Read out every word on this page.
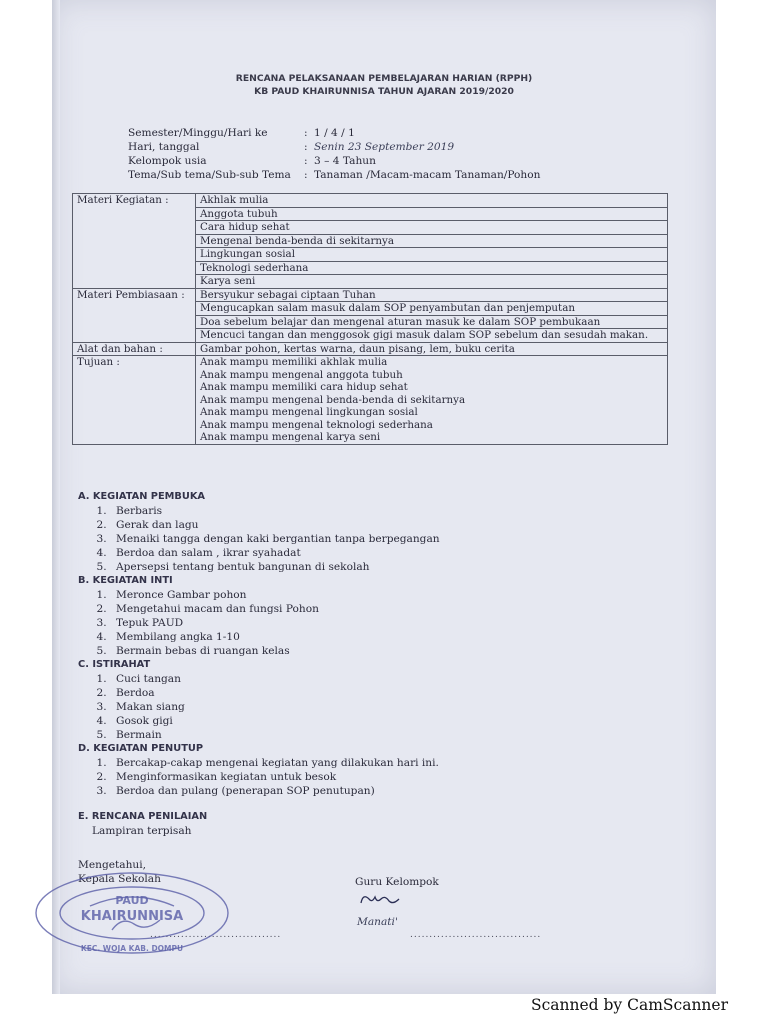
RENCANA PELAKSANAAN PEMBELAJARAN HARIAN (RPPH)
KB PAUD KHAIRUNNISA TAHUN AJARAN 2019/2020
Semester/Minggu/Hari ke	: 1 / 4 / 1
Hari, tanggal	: Senin 23 September 2019
Kelompok usia	: 3 – 4 Tahun
Tema/Sub tema/Sub-sub Tema : Tanaman /Macam-macam Tanaman/Pohon
Materi Kegiatan :	Akhlak mulia
	Anggota tubuh
	Cara hidup sehat
	Mengenal benda-benda di sekitarnya
	Lingkungan sosial
	Teknologi sederhana
	Karya seni
Materi Pembiasaan :	Bersyukur sebagai ciptaan Tuhan
	Mengucapkan salam masuk dalam SOP penyambutan dan penjemputan
	Doa sebelum belajar dan mengenal aturan masuk ke dalam SOP pembukaan
	Mencuci tangan dan menggosok gigi masuk dalam SOP sebelum dan sesudah makan.
Alat dan bahan :	Gambar pohon, kertas warna, daun pisang, lem, buku cerita
Tujuan :	Anak mampu memiliki akhlak mulia
	Anak mampu mengenal anggota tubuh
	Anak mampu memiliki cara hidup sehat
	Anak mampu mengenal benda-benda di sekitarnya
	Anak mampu mengenal lingkungan sosial
	Anak mampu mengenal teknologi sederhana
	Anak mampu mengenal karya seni
A. KEGIATAN PEMBUKA
1. Berbaris
2. Gerak dan lagu
3. Menaiki tangga dengan kaki bergantian tanpa berpegangan
4. Berdoa dan salam , ikrar syahadat
5. Apersepsi tentang bentuk bangunan di sekolah
B. KEGIATAN INTI
1. Meronce Gambar pohon
2. Mengetahui macam dan fungsi Pohon
3. Tepuk PAUD
4. Membilang angka 1-10
5. Bermain bebas di ruangan kelas
C. ISTIRAHAT
1. Cuci tangan
2. Berdoa
3. Makan siang
4. Gosok gigi
5. Bermain
D. KEGIATAN PENUTUP
1. Bercakap-cakap mengenai kegiatan yang dilakukan hari ini.
2. Menginformasikan kegiatan untuk besok
3. Berdoa dan pulang (penerapan SOP penutupan)
E. RENCANA PENILAIAN
Lampiran terpisah
Mengetahui,
Kepala Sekolah
..................................
PAUD
KHAIRUNNISA
KEC. WOJA KAB. DOMPU
Guru Kelompok
Manati'
..................................
Scanned by CamScanner
